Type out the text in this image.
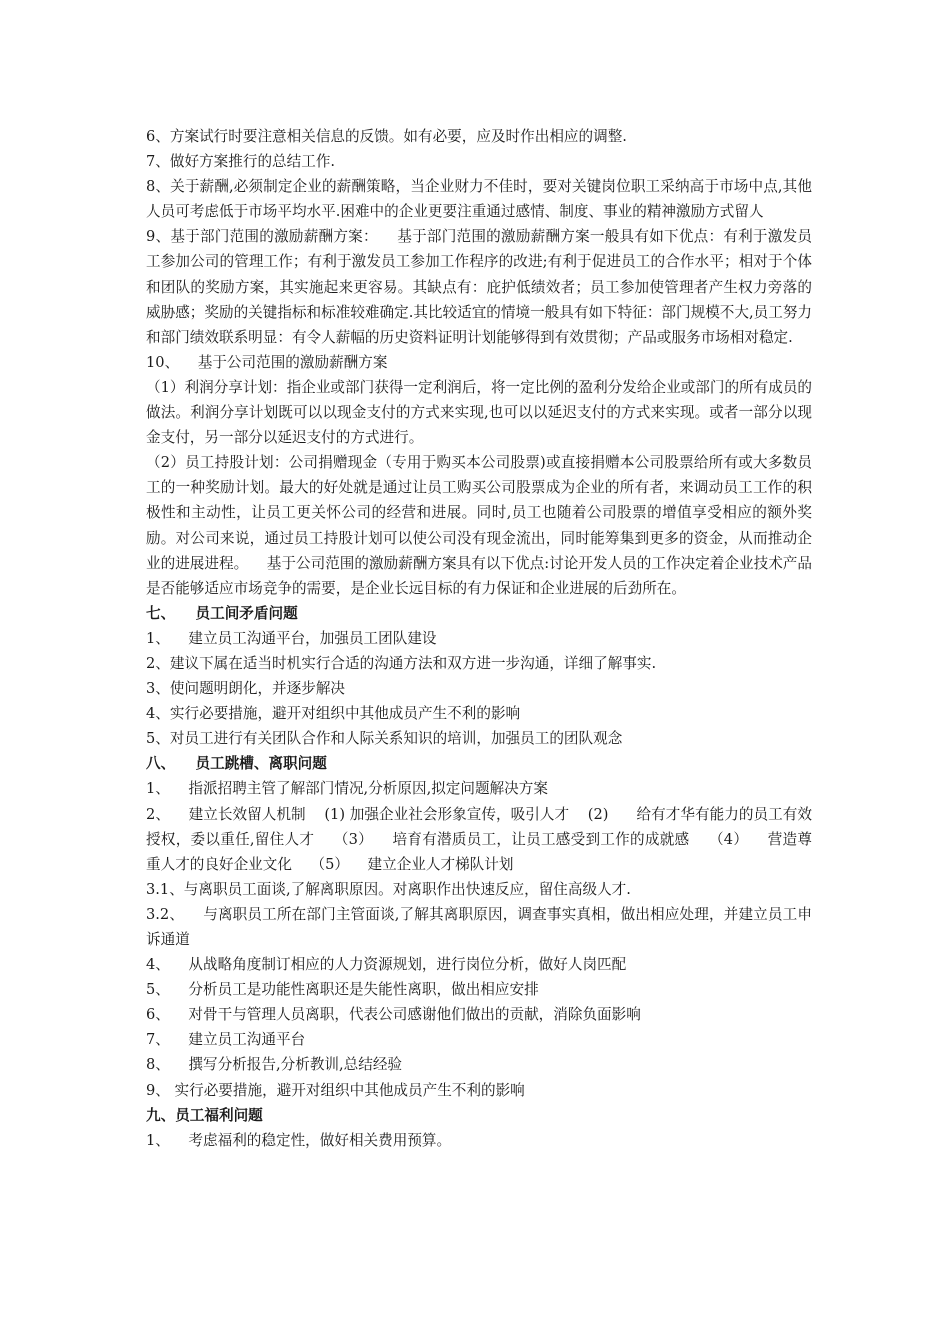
6、方案试行时要注意相关信息的反馈。如有必要，应及时作出相应的调整.

7、做好方案推行的总结工作.

8、关于薪酬,必须制定企业的薪酬策略，当企业财力不佳时，要对关键岗位职工采纳高于市场中点,其他人员可考虑低于市场平均水平.困难中的企业更要注重通过感情、制度、事业的精神激励方式留人

9、基于部门范围的激励薪酬方案：    基于部门范围的激励薪酬方案一般具有如下优点：有利于激发员工参加公司的管理工作；有利于激发员工参加工作程序的改进;有利于促进员工的合作水平；相对于个体和团队的奖励方案，其实施起来更容易。其缺点有：庇护低绩效者；员工参加使管理者产生权力旁落的威胁感；奖励的关键指标和标准较难确定.其比较适宜的情境一般具有如下特征：部门规模不大,员工努力和部门绩效联系明显：有令人薪幅的历史资料证明计划能够得到有效贯彻；产品或服务市场相对稳定.

10、    基于公司范围的激励薪酬方案

（1）利润分享计划：指企业或部门获得一定利润后，将一定比例的盈利分发给企业或部门的所有成员的做法。利润分享计划既可以以现金支付的方式来实现,也可以以延迟支付的方式来实现。或者一部分以现金支付，另一部分以延迟支付的方式进行。

（2）员工持股计划：公司捐赠现金（专用于购买本公司股票)或直接捐赠本公司股票给所有或大多数员工的一种奖励计划。最大的好处就是通过让员工购买公司股票成为企业的所有者，来调动员工工作的积极性和主动性，让员工更关怀公司的经营和进展。同时,员工也随着公司股票的增值享受相应的额外奖励。对公司来说，通过员工持股计划可以使公司没有现金流出，同时能筹集到更多的资金，从而推动企业的进展进程。    基于公司范围的激励薪酬方案具有以下优点:讨论开发人员的工作决定着企业技术产品是否能够适应市场竞争的需要，是企业长远目标的有力保证和企业进展的后劲所在。

七、    员工间矛盾问题

1、    建立员工沟通平台，加强员工团队建设

2、建议下属在适当时机实行合适的沟通方法和双方进一步沟通，详细了解事实.

3、使问题明朗化，并逐步解决

4、实行必要措施，避开对组织中其他成员产生不利的影响

5、对员工进行有关团队合作和人际关系知识的培训，加强员工的团队观念

八、    员工跳槽、离职问题

1、    指派招聘主管了解部门情况,分析原因,拟定问题解决方案

2、    建立长效留人机制    (1) 加强企业社会形象宣传，吸引人才    (2)      给有才华有能力的员工有效授权，委以重任,留住人才    （3）    培育有潜质员工，让员工感受到工作的成就感    （4）    营造尊重人才的良好企业文化    （5）    建立企业人才梯队计划

3.1、与离职员工面谈,了解离职原因。对离职作出快速反应，留住高级人才.

3.2、    与离职员工所在部门主管面谈,了解其离职原因，调查事实真相，做出相应处理，并建立员工申诉通道

4、    从战略角度制订相应的人力资源规划，进行岗位分析，做好人岗匹配

5、    分析员工是功能性离职还是失能性离职，做出相应安排

6、    对骨干与管理人员离职，代表公司感谢他们做出的贡献，消除负面影响

7、    建立员工沟通平台

8、    撰写分析报告,分析教训,总结经验

9、 实行必要措施，避开对组织中其他成员产生不利的影响

九、员工福利问题

1、    考虑福利的稳定性，做好相关费用预算。
